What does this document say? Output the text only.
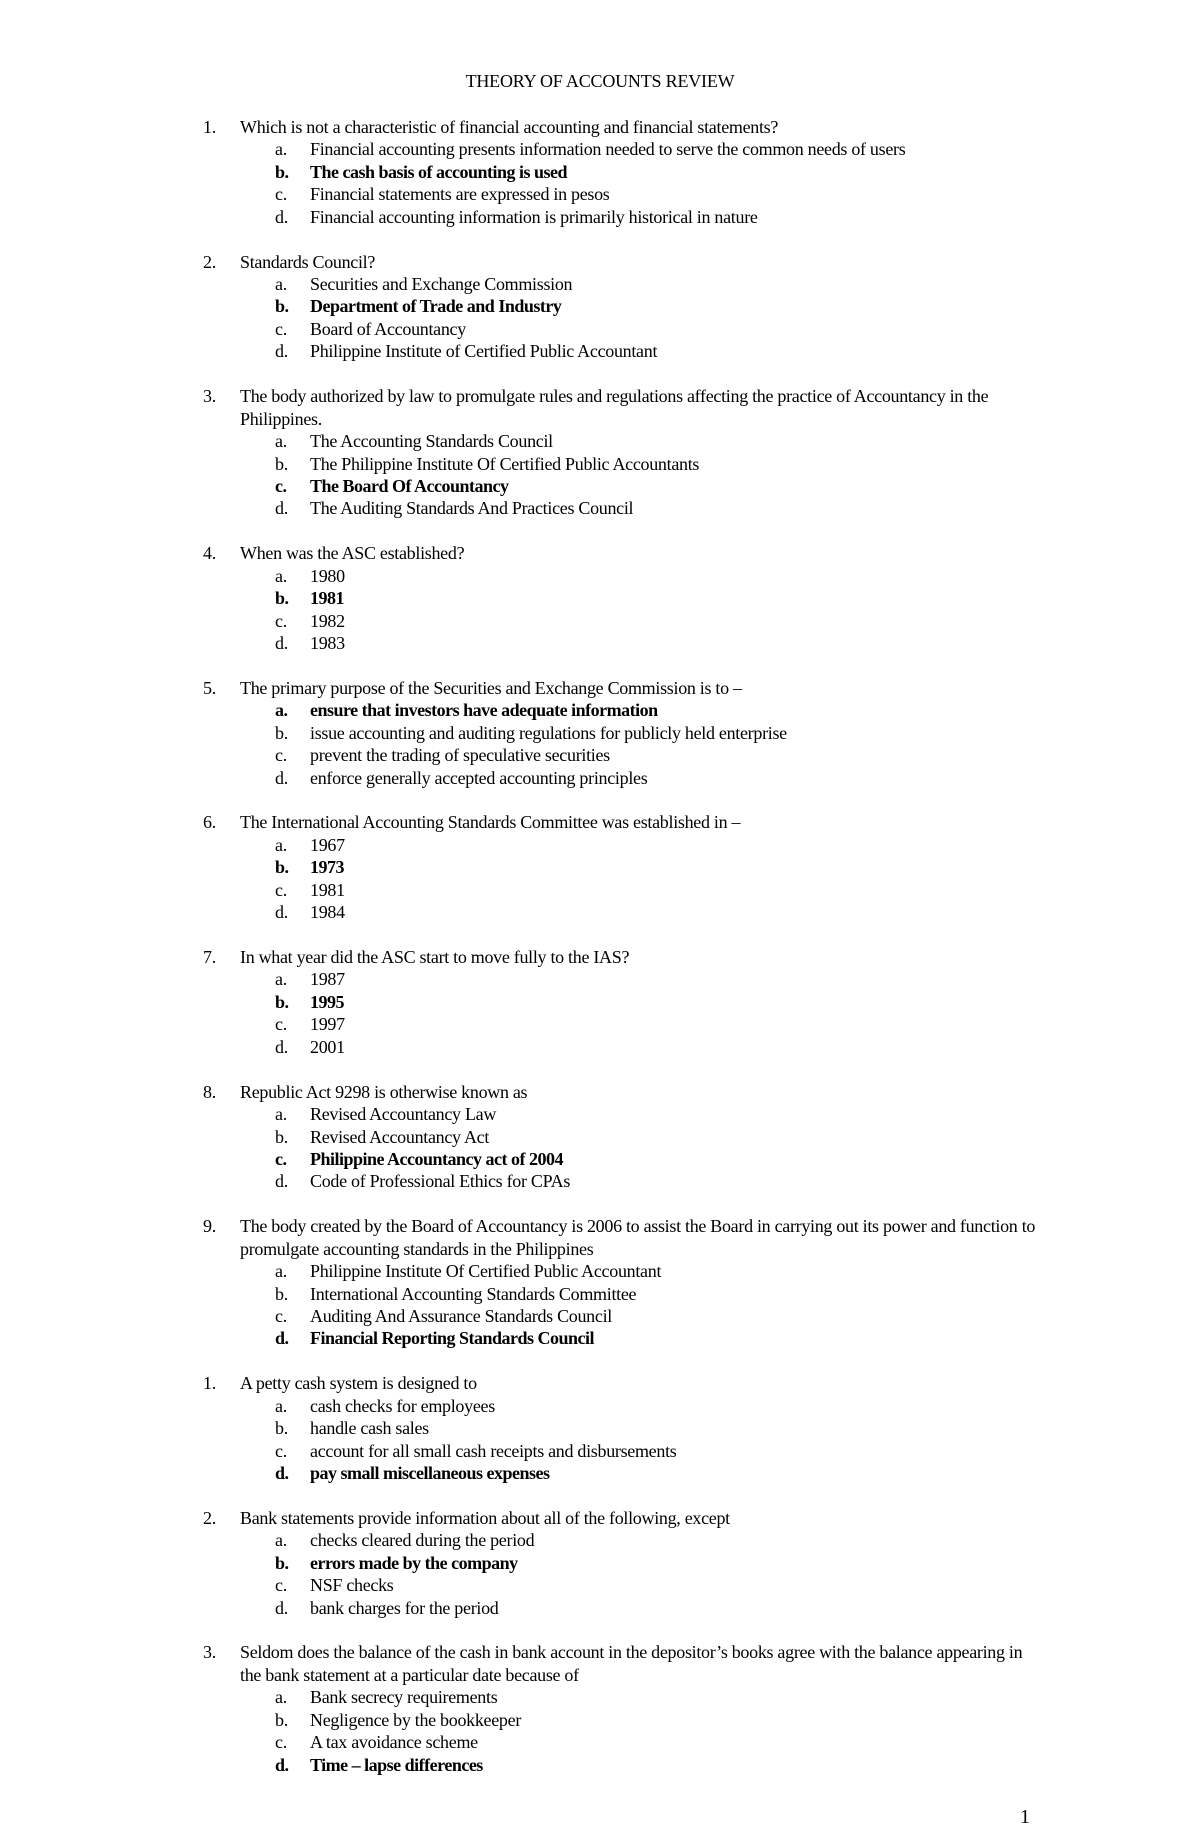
THEORY OF ACCOUNTS REVIEW
1. Which is not a characteristic of financial accounting and financial statements?
a. Financial accounting presents information needed to serve the common needs of users
b. The cash basis of accounting is used
c. Financial statements are expressed in pesos
d. Financial accounting information is primarily historical in nature
2. Standards Council?
a. Securities and Exchange Commission
b. Department of Trade and Industry
c. Board of Accountancy
d. Philippine Institute of Certified Public Accountant
3. The body authorized by law to promulgate rules and regulations affecting the practice of Accountancy in the Philippines.
a. The Accounting Standards Council
b. The Philippine Institute Of Certified Public Accountants
c. The Board Of Accountancy
d. The Auditing Standards And Practices Council
4. When was the ASC established?
a. 1980
b. 1981
c. 1982
d. 1983
5. The primary purpose of the Securities and Exchange Commission is to –
a. ensure that investors have adequate information
b. issue accounting and auditing regulations for publicly held enterprise
c. prevent the trading of speculative securities
d. enforce generally accepted accounting principles
6. The International Accounting Standards Committee was established in –
a. 1967
b. 1973
c. 1981
d. 1984
7. In what year did the ASC start to move fully to the IAS?
a. 1987
b. 1995
c. 1997
d. 2001
8. Republic Act 9298 is otherwise known as
a. Revised Accountancy Law
b. Revised Accountancy Act
c. Philippine Accountancy act of 2004
d. Code of Professional Ethics for CPAs
9. The body created by the Board of Accountancy is 2006 to assist the Board in carrying out its power and function to promulgate accounting standards in the Philippines
a. Philippine Institute Of Certified Public Accountant
b. International Accounting Standards Committee
c. Auditing And Assurance Standards Council
d. Financial Reporting Standards Council
1. A petty cash system is designed to
a. cash checks for employees
b. handle cash sales
c. account for all small cash receipts and disbursements
d. pay small miscellaneous expenses
2. Bank statements provide information about all of the following, except
a. checks cleared during the period
b. errors made by the company
c. NSF checks
d. bank charges for the period
3. Seldom does the balance of the cash in bank account in the depositor’s books agree with the balance appearing in the bank statement at a particular date because of
a. Bank secrecy requirements
b. Negligence by the bookkeeper
c. A tax avoidance scheme
d. Time – lapse differences
1
